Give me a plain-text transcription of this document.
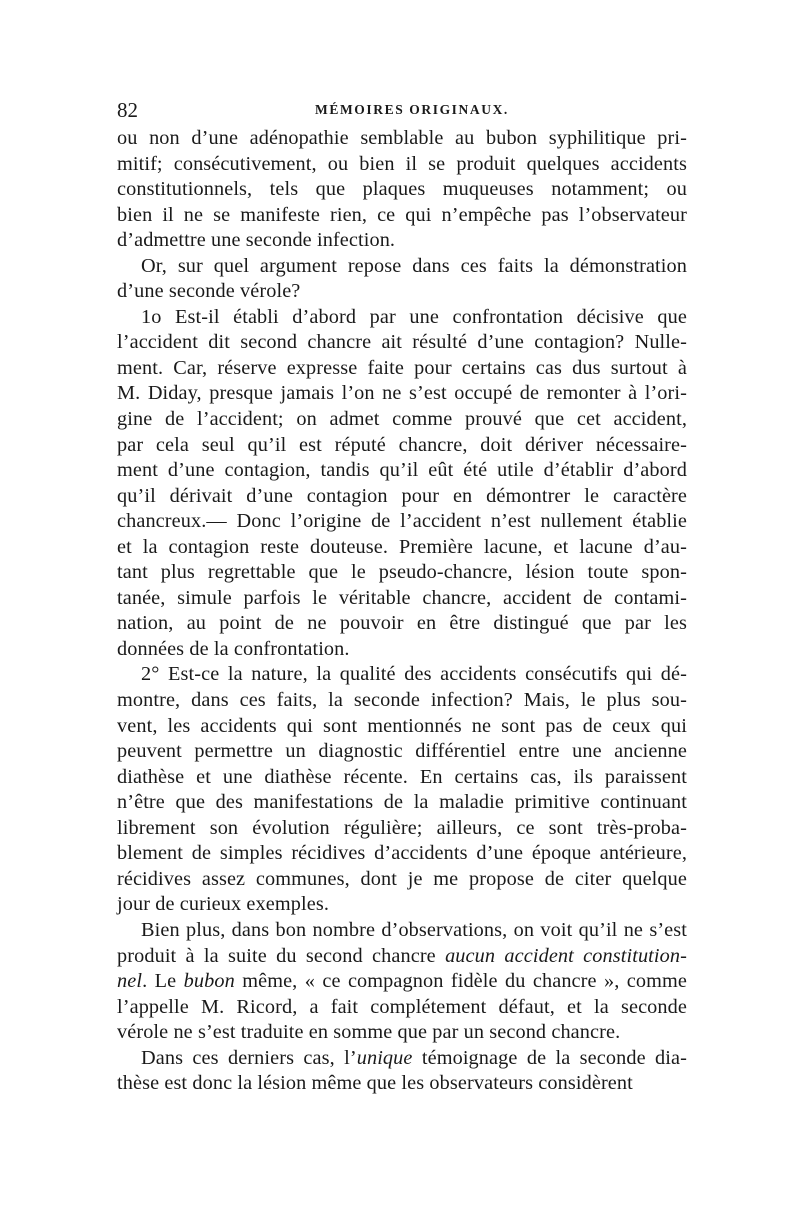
82	MÉMOIRES ORIGINAUX.
ou non d’une adénopathie semblable au bubon syphilitique pri-
mitif; consécutivement, ou bien il se produit quelques accidents
constitutionnels, tels que plaques muqueuses notamment; ou
bien il ne se manifeste rien, ce qui n’empêche pas l’observateur
d’admettre une seconde infection.
Or, sur quel argument repose dans ces faits la démonstration
d’une seconde vérole?
1o Est-il établi d’abord par une confrontation décisive que
l’accident dit second chancre ait résulté d’une contagion? Nulle-
ment. Car, réserve expresse faite pour certains cas dus surtout à
M. Diday, presque jamais l’on ne s’est occupé de remonter à l’ori-
gine de l’accident; on admet comme prouvé que cet accident,
par cela seul qu’il est réputé chancre, doit dériver nécessaire-
ment d’une contagion, tandis qu’il eût été utile d’établir d’abord
qu’il dérivait d’une contagion pour en démontrer le caractère
chancreux.— Donc l’origine de l’accident n’est nullement établie
et la contagion reste douteuse. Première lacune, et lacune d’au-
tant plus regrettable que le pseudo-chancre, lésion toute spon-
tanée, simule parfois le véritable chancre, accident de contami-
nation, au point de ne pouvoir en être distingué que par les
données de la confrontation.
2° Est-ce la nature, la qualité des accidents consécutifs qui dé-
montre, dans ces faits, la seconde infection? Mais, le plus sou-
vent, les accidents qui sont mentionnés ne sont pas de ceux qui
peuvent permettre un diagnostic différentiel entre une ancienne
diathèse et une diathèse récente. En certains cas, ils paraissent
n’être que des manifestations de la maladie primitive continuant
librement son évolution régulière; ailleurs, ce sont très-proba-
blement de simples récidives d’accidents d’une époque antérieure,
récidives assez communes, dont je me propose de citer quelque
jour de curieux exemples.
Bien plus, dans bon nombre d’observations, on voit qu’il ne s’est
produit à la suite du second chancre aucun accident constitution-
nel. Le bubon même, « ce compagnon fidèle du chancre », comme
l’appelle M. Ricord, a fait complétement défaut, et la seconde
vérole ne s’est traduite en somme que par un second chancre.
Dans ces derniers cas, l’unique témoignage de la seconde dia-
thèse est donc la lésion même que les observateurs considèrent
